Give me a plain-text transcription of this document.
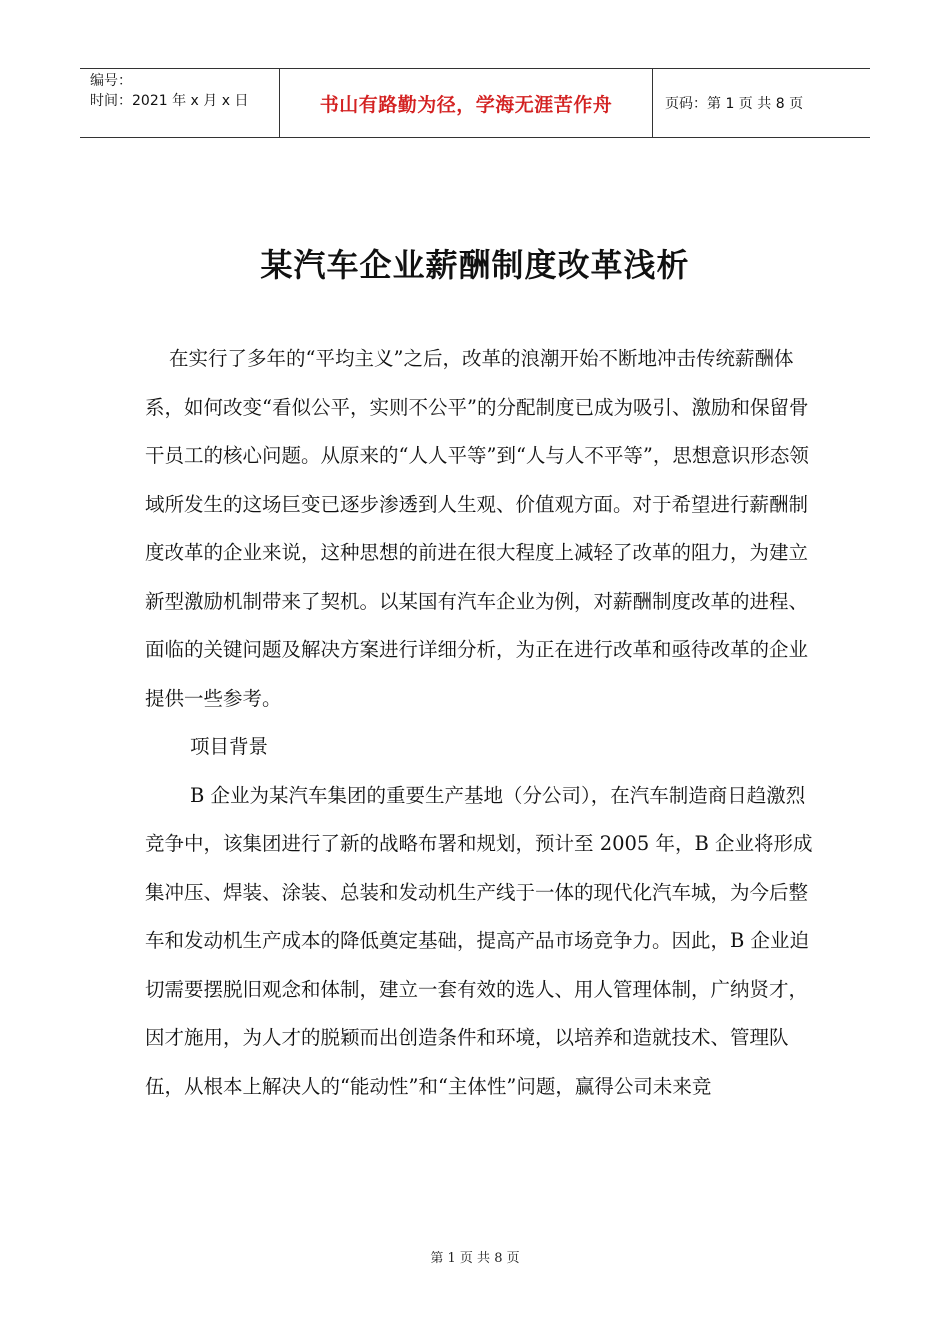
编号：
时间：2021 年 x 月 x 日	书山有路勤为径，学海无涯苦作舟	页码：第 1 页 共 8 页
某汽车企业薪酬制度改革浅析

在实行了多年的“平均主义”之后，改革的浪潮开始不断地冲击传统薪酬体系，如何改变“看似公平，实则不公平”的分配制度已成为吸引、激励和保留骨干员工的核心问题。从原来的“人人平等”到“人与人不平等”，思想意识形态领域所发生的这场巨变已逐步渗透到人生观、价值观方面。对于希望进行薪酬制度改革的企业来说，这种思想的前进在很大程度上减轻了改革的阻力，为建立新型激励机制带来了契机。以某国有汽车企业为例，对薪酬制度改革的进程、面临的关键问题及解决方案进行详细分析，为正在进行改革和亟待改革的企业提供一些参考。

项目背景

B 企业为某汽车集团的重要生产基地（分公司），在汽车制造商日趋激烈竞争中，该集团进行了新的战略布署和规划，预计至 2005 年，B 企业将形成集冲压、焊装、涂装、总装和发动机生产线于一体的现代化汽车城，为今后整车和发动机生产成本的降低奠定基础，提高产品市场竞争力。因此，B 企业迫切需要摆脱旧观念和体制，建立一套有效的选人、用人管理体制，广纳贤才，因才施用，为人才的脱颖而出创造条件和环境，以培养和造就技术、管理队伍，从根本上解决人的“能动性”和“主体性”问题，赢得公司未来竞

第 1 页 共 8 页
